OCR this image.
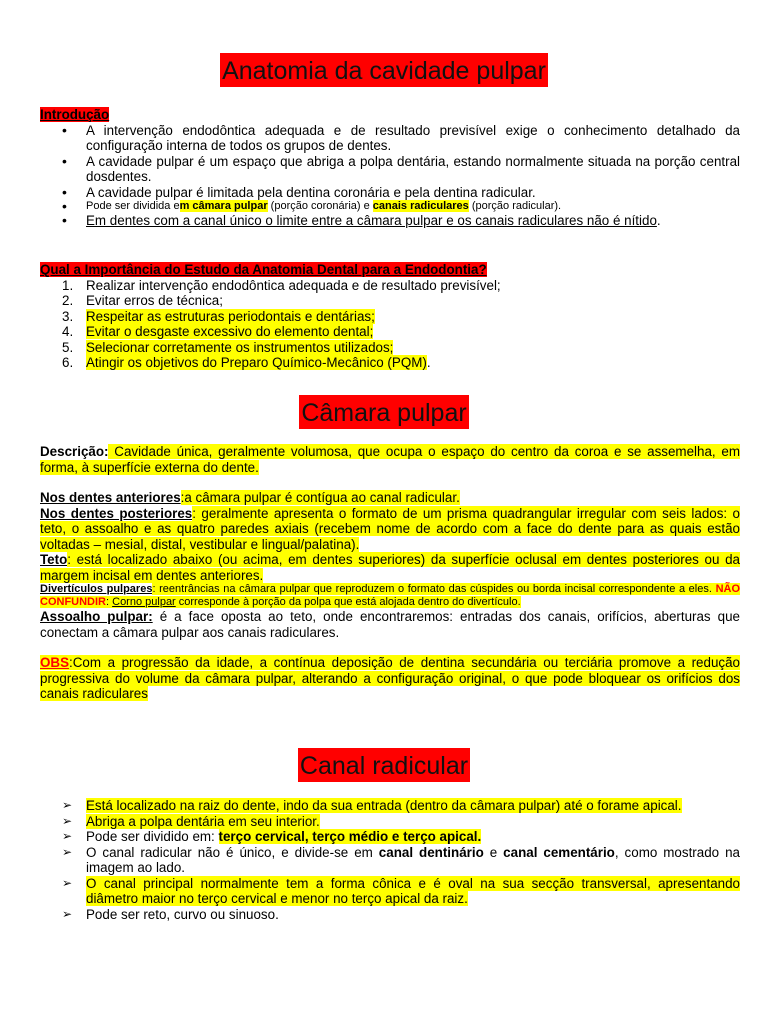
Anatomia da cavidade pulpar
Introdução
• A intervenção endodôntica adequada e de resultado previsível exige o conhecimento detalhado da configuração interna de todos os grupos de dentes.
• A cavidade pulpar é um espaço que abriga a polpa dentária, estando normalmente situada na porção central dosdentes.
• A cavidade pulpar é limitada pela dentina coronária e pela dentina radicular.
• Pode ser dividida em câmara pulpar (porção coronária) e canais radiculares (porção radicular).
• Em dentes com a canal único o limite entre a câmara pulpar e os canais radiculares não é nítido.
Qual a Importância do Estudo da Anatomia Dental para a Endodontia?
1. Realizar intervenção endodôntica adequada e de resultado previsível;
2. Evitar erros de técnica;
3. Respeitar as estruturas periodontais e dentárias;
4. Evitar o desgaste excessivo do elemento dental;
5. Selecionar corretamente os instrumentos utilizados;
6. Atingir os objetivos do Preparo Químico-Mecânico (PQM).
Câmara pulpar
Descrição: Cavidade única, geralmente volumosa, que ocupa o espaço do centro da coroa e se assemelha, em forma, à superfície externa do dente.
Nos dentes anteriores:a câmara pulpar é contígua ao canal radicular.
Nos dentes posteriores: geralmente apresenta o formato de um prisma quadrangular irregular com seis lados: o teto, o assoalho e as quatro paredes axiais (recebem nome de acordo com a face do dente para as quais estão voltadas – mesial, distal, vestibular e lingual/palatina).
Teto: está localizado abaixo (ou acima, em dentes superiores) da superfície oclusal em dentes posteriores ou da margem incisal em dentes anteriores.
Divertículos pulpares: reentrâncias na câmara pulpar que reproduzem o formato das cúspides ou borda incisal correspondente a eles. NÃO CONFUNDIR: Corno pulpar corresponde à porção da polpa que está alojada dentro do divertículo.
Assoalho pulpar: é a face oposta ao teto, onde encontraremos: entradas dos canais, orifícios, aberturas que conectam a câmara pulpar aos canais radiculares.
OBS:Com a progressão da idade, a contínua deposição de dentina secundária ou terciária promove a redução progressiva do volume da câmara pulpar, alterando a configuração original, o que pode bloquear os orifícios dos canais radiculares
Canal radicular
➢ Está localizado na raiz do dente, indo da sua entrada (dentro da câmara pulpar) até o forame apical.
➢ Abriga a polpa dentária em seu interior.
➢ Pode ser dividido em: terço cervical, terço médio e terço apical.
➢ O canal radicular não é único, e divide-se em canal dentinário e canal cementário, como mostrado na imagem ao lado.
➢ O canal principal normalmente tem a forma cônica e é oval na sua secção transversal, apresentando diâmetro maior no terço cervical e menor no terço apical da raiz.
➢ Pode ser reto, curvo ou sinuoso.
